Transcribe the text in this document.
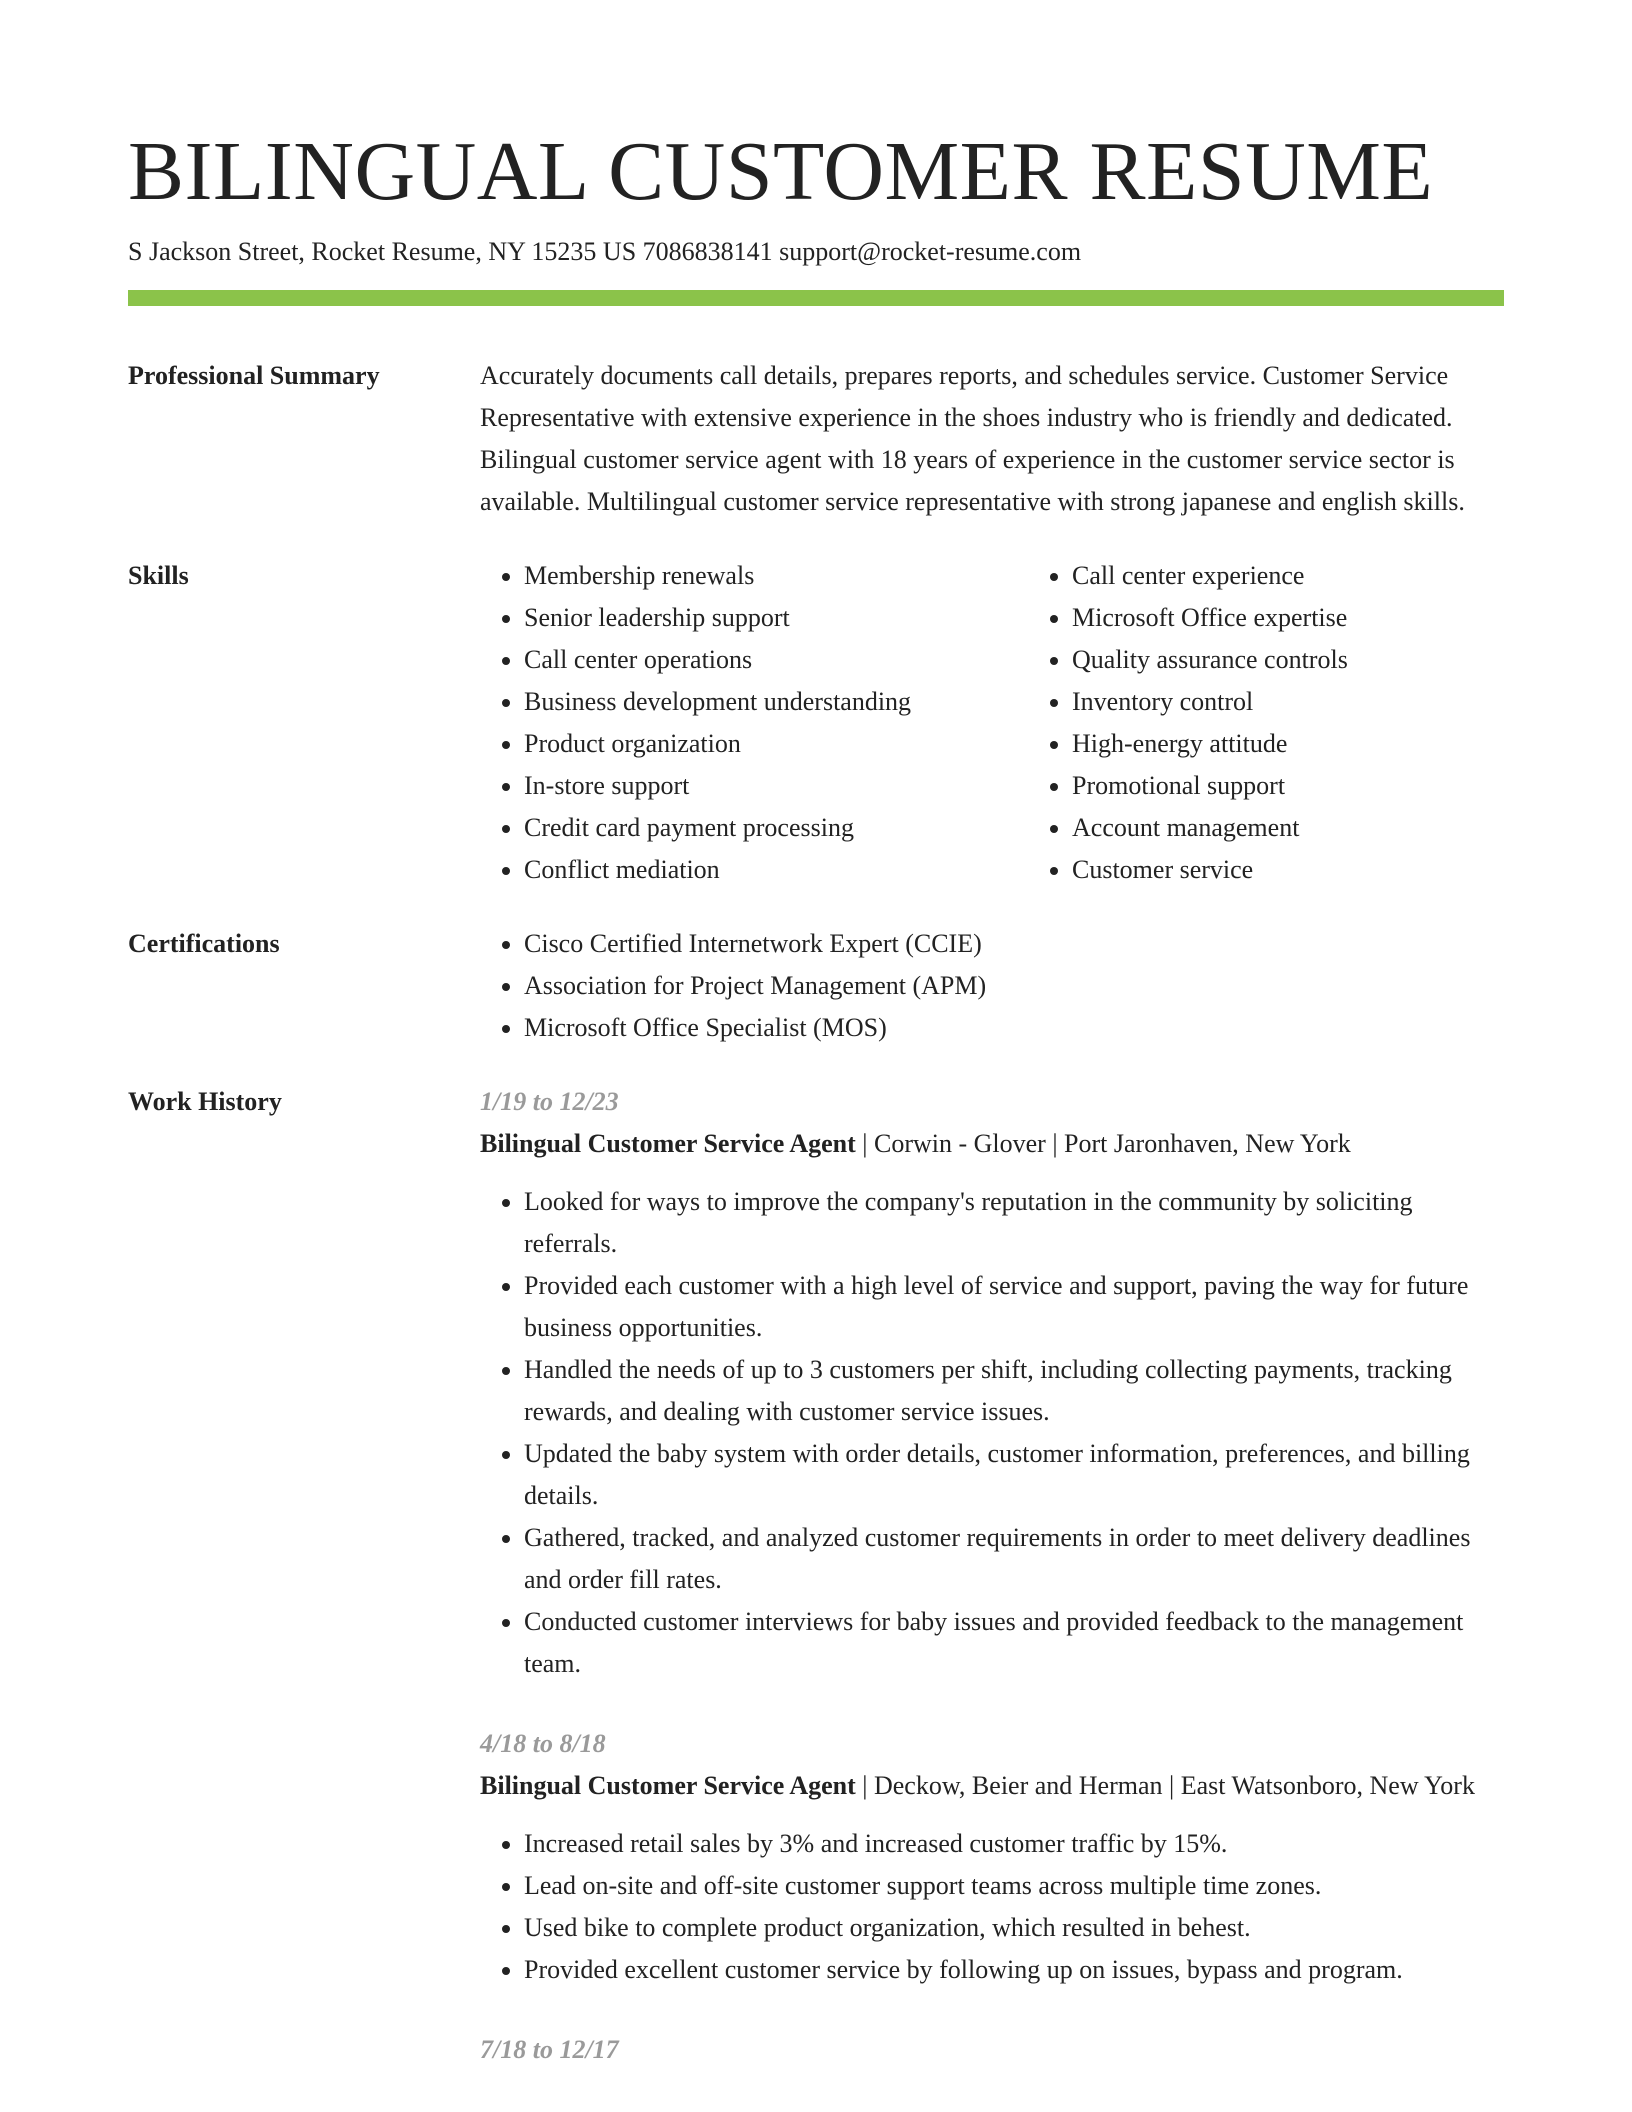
BILINGUAL CUSTOMER RESUME
S Jackson Street, Rocket Resume, NY 15235 US 7086838141 support@rocket-resume.com
Professional Summary	Accurately documents call details, prepares reports, and schedules service. Customer Service Representative with extensive experience in the shoes industry who is friendly and dedicated. Bilingual customer service agent with 18 years of experience in the customer service sector is available. Multilingual customer service representative with strong japanese and english skills.
Skills	• Membership renewals
• Senior leadership support
• Call center operations
• Business development understanding
• Product organization
• In-store support
• Credit card payment processing
• Conflict mediation
• Call center experience
• Microsoft Office expertise
• Quality assurance controls
• Inventory control
• High-energy attitude
• Promotional support
• Account management
• Customer service
Certifications	• Cisco Certified Internetwork Expert (CCIE)
• Association for Project Management (APM)
• Microsoft Office Specialist (MOS)
Work History	1/19 to 12/23
Bilingual Customer Service Agent | Corwin - Glover | Port Jaronhaven, New York
• Looked for ways to improve the company's reputation in the community by soliciting referrals.
• Provided each customer with a high level of service and support, paving the way for future business opportunities.
• Handled the needs of up to 3 customers per shift, including collecting payments, tracking rewards, and dealing with customer service issues.
• Updated the baby system with order details, customer information, preferences, and billing details.
• Gathered, tracked, and analyzed customer requirements in order to meet delivery deadlines and order fill rates.
• Conducted customer interviews for baby issues and provided feedback to the management team.
4/18 to 8/18
Bilingual Customer Service Agent | Deckow, Beier and Herman | East Watsonboro, New York
• Increased retail sales by 3% and increased customer traffic by 15%.
• Lead on-site and off-site customer support teams across multiple time zones.
• Used bike to complete product organization, which resulted in behest.
• Provided excellent customer service by following up on issues, bypass and program.
7/18 to 12/17
